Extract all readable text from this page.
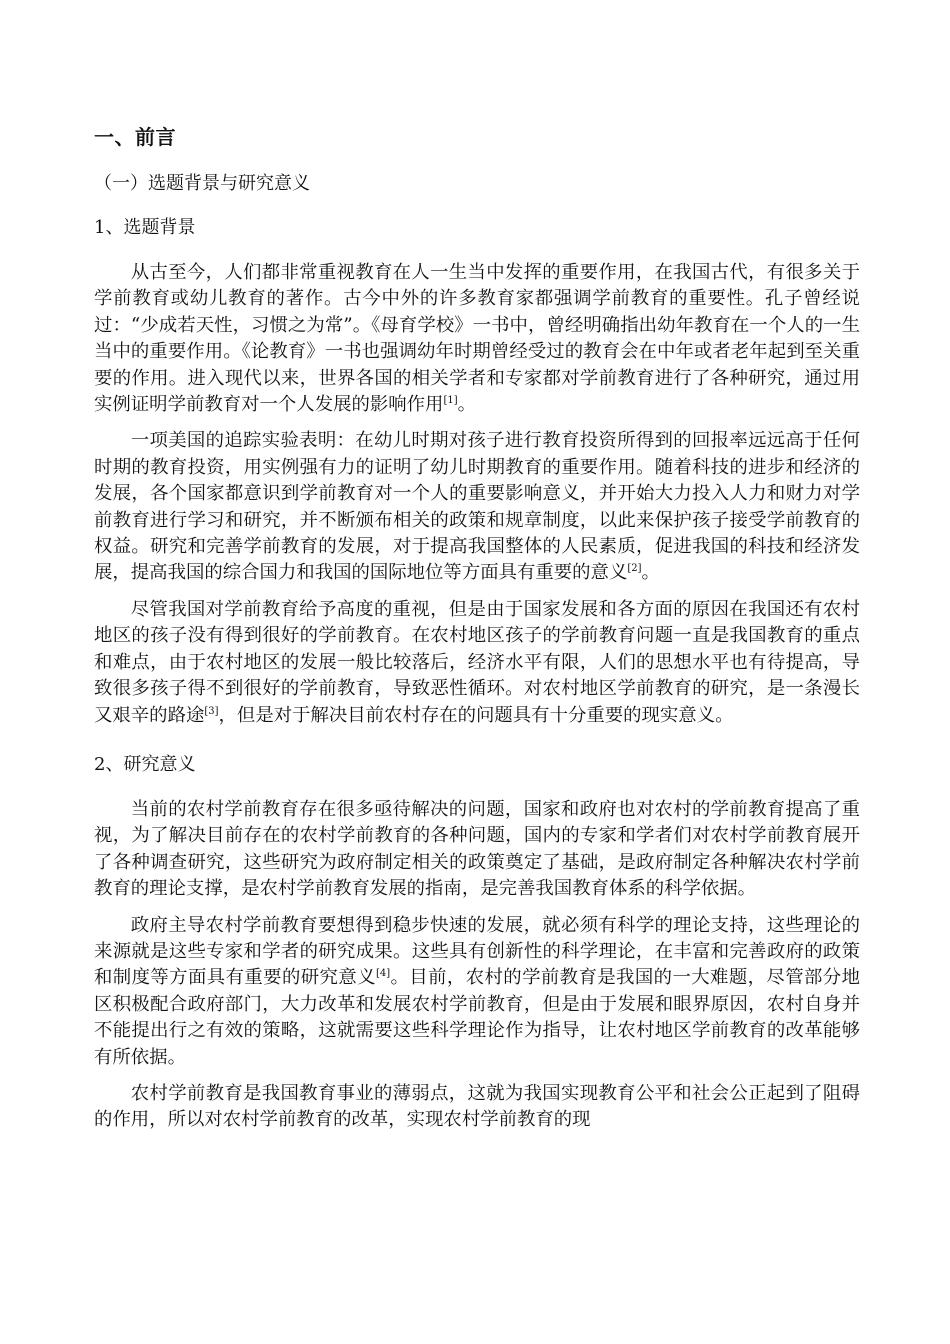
一、前言
（一）选题背景与研究意义
1、选题背景

从古至今，人们都非常重视教育在人一生当中发挥的重要作用，在我国古代，有很多关于学前教育或幼儿教育的著作。古今中外的许多教育家都强调学前教育的重要性。孔子曾经说过：“少成若天性，习惯之为常”。《母育学校》一书中，曾经明确指出幼年教育在一个人的一生当中的重要作用。《论教育》一书也强调幼年时期曾经受过的教育会在中年或者老年起到至关重要的作用。进入现代以来，世界各国的相关学者和专家都对学前教育进行了各种研究，通过用实例证明学前教育对一个人发展的影响作用[1]。

一项美国的追踪实验表明：在幼儿时期对孩子进行教育投资所得到的回报率远远高于任何时期的教育投资，用实例强有力的证明了幼儿时期教育的重要作用。随着科技的进步和经济的发展，各个国家都意识到学前教育对一个人的重要影响意义，并开始大力投入人力和财力对学前教育进行学习和研究，并不断颁布相关的政策和规章制度，以此来保护孩子接受学前教育的权益。研究和完善学前教育的发展，对于提高我国整体的人民素质，促进我国的科技和经济发展，提高我国的综合国力和我国的国际地位等方面具有重要的意义[2]。

尽管我国对学前教育给予高度的重视，但是由于国家发展和各方面的原因在我国还有农村地区的孩子没有得到很好的学前教育。在农村地区孩子的学前教育问题一直是我国教育的重点和难点，由于农村地区的发展一般比较落后，经济水平有限，人们的思想水平也有待提高，导致很多孩子得不到很好的学前教育，导致恶性循环。对农村地区学前教育的研究，是一条漫长又艰辛的路途[3]，但是对于解决目前农村存在的问题具有十分重要的现实意义。

2、研究意义

当前的农村学前教育存在很多亟待解决的问题，国家和政府也对农村的学前教育提高了重视，为了解决目前存在的农村学前教育的各种问题，国内的专家和学者们对农村学前教育展开了各种调查研究，这些研究为政府制定相关的政策奠定了基础，是政府制定各种解决农村学前教育的理论支撑，是农村学前教育发展的指南，是完善我国教育体系的科学依据。

政府主导农村学前教育要想得到稳步快速的发展，就必须有科学的理论支持，这些理论的来源就是这些专家和学者的研究成果。这些具有创新性的科学理论，在丰富和完善政府的政策和制度等方面具有重要的研究意义[4]。目前，农村的学前教育是我国的一大难题，尽管部分地区积极配合政府部门，大力改革和发展农村学前教育，但是由于发展和眼界原因，农村自身并不能提出行之有效的策略，这就需要这些科学理论作为指导，让农村地区学前教育的改革能够有所依据。

农村学前教育是我国教育事业的薄弱点，这就为我国实现教育公平和社会公正起到了阻碍的作用，所以对农村学前教育的改革，实现农村学前教育的现
